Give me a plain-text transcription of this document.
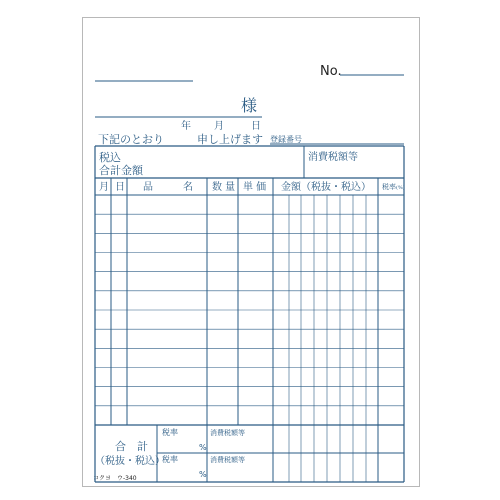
No.
様
年 月	日
下記のとおり	申し上げます 登録番号
税込
合計金額
消費税額等
月 日 品　　　名 数 量 単 価 金額（税抜・税込） 税率(%)
合　計
（税抜・税込）
税率
%
消費税額等
税率
%
消費税額等
コクヨ　ウ-340
